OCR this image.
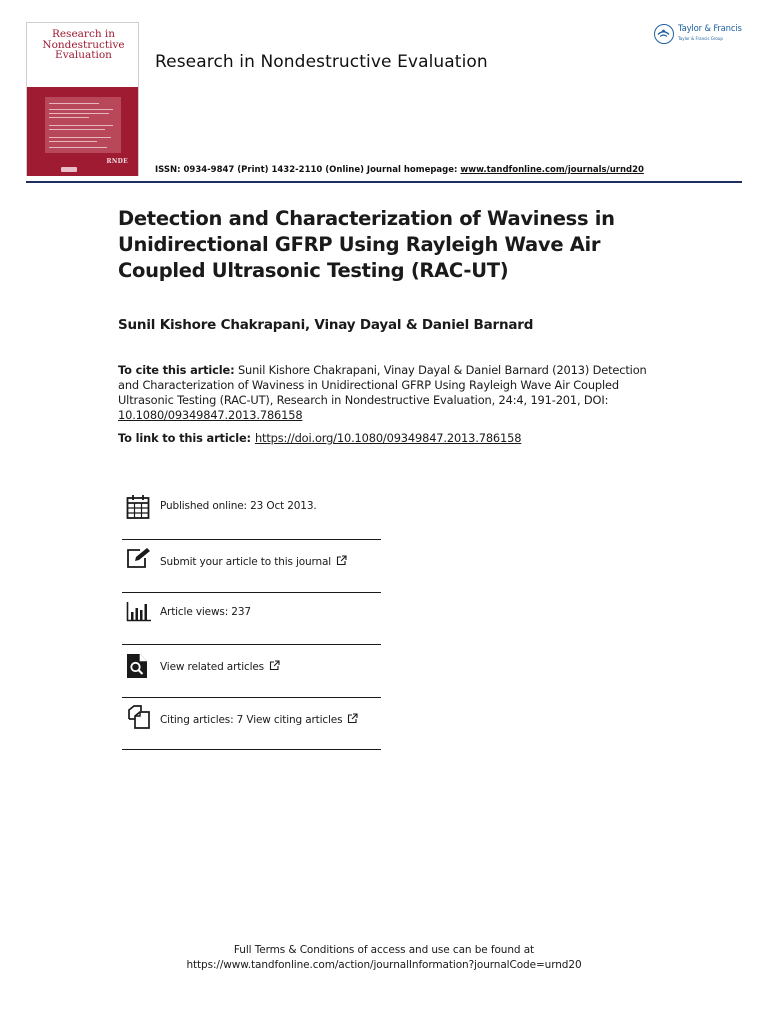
Research in
Nondestructive
Evaluation
RNDE
Research in Nondestructive Evaluation
ISSN: 0934-9847 (Print) 1432-2110 (Online) Journal homepage: www.tandfonline.com/journals/urnd20
Taylor & Francis
Taylor & Francis Group
Detection and Characterization of Waviness in Unidirectional GFRP Using Rayleigh Wave Air Coupled Ultrasonic Testing (RAC-UT)
Sunil Kishore Chakrapani, Vinay Dayal & Daniel Barnard
To cite this article: Sunil Kishore Chakrapani, Vinay Dayal & Daniel Barnard (2013) Detection and Characterization of Waviness in Unidirectional GFRP Using Rayleigh Wave Air Coupled Ultrasonic Testing (RAC-UT), Research in Nondestructive Evaluation, 24:4, 191-201, DOI: 10.1080/09349847.2013.786158
To link to this article: https://doi.org/10.1080/09349847.2013.786158
Published online: 23 Oct 2013.
Submit your article to this journal
Article views: 237
View related articles
Citing articles: 7 View citing articles
Full Terms & Conditions of access and use can be found at
https://www.tandfonline.com/action/journalInformation?journalCode=urnd20
